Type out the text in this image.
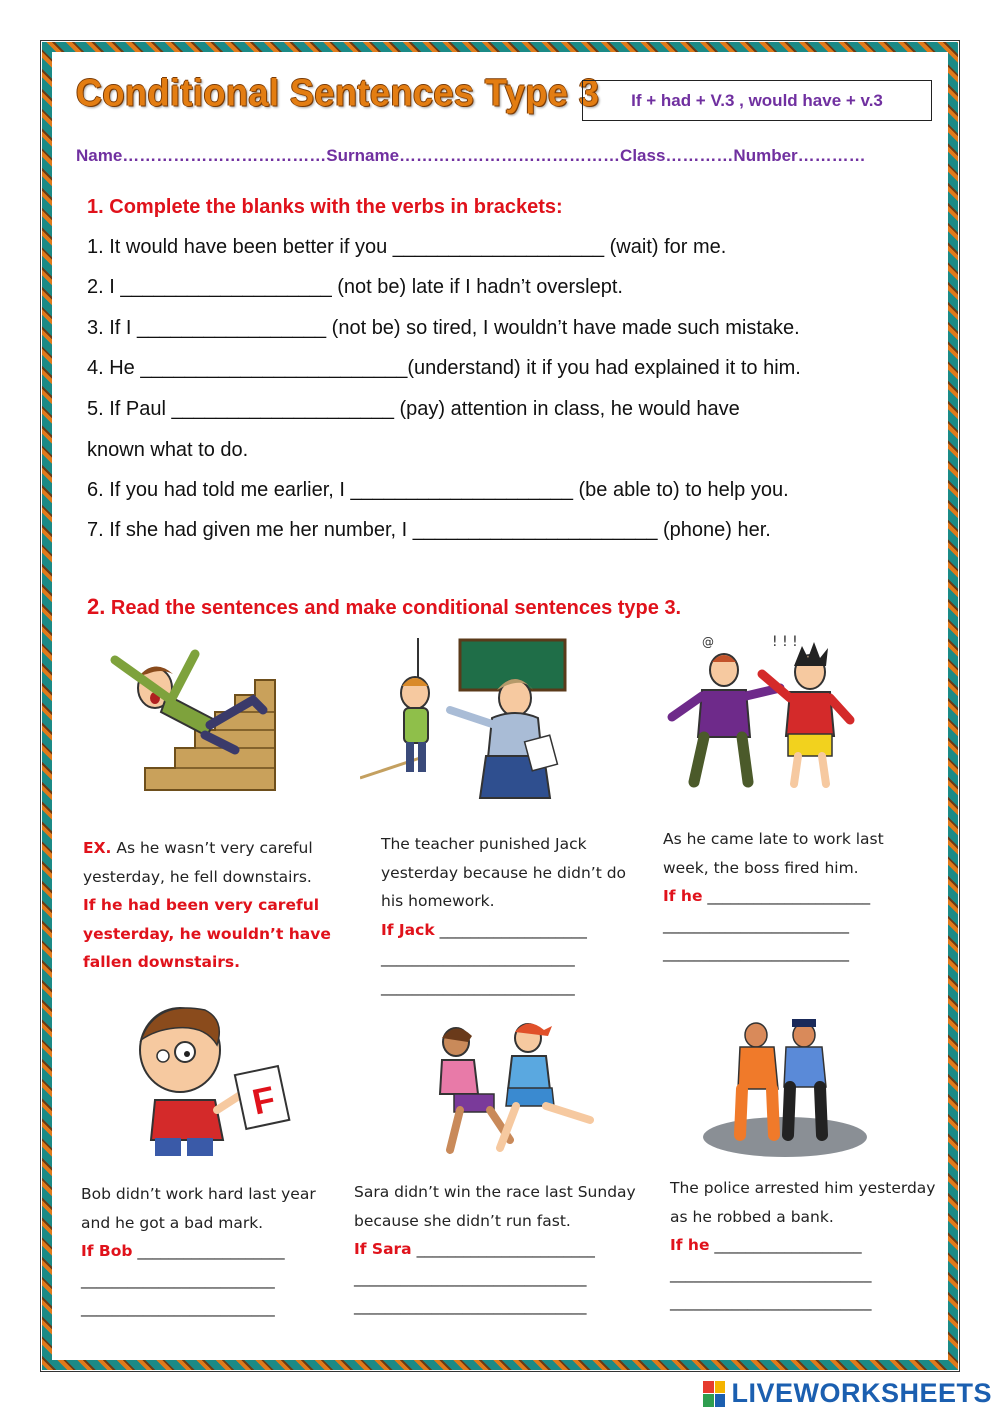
Conditional Sentences Type 3	If + had + V.3 , would have + v.3
Name………………………………Surname…………………………………Class…………Number…………
1. Complete the blanks with the verbs in brackets:
1. It would have been better if you ___________________ (wait) for me.
2. I ___________________ (not be) late if I hadn’t overslept.
3. If I _________________ (not be) so tired, I wouldn’t have made such mistake.
4. He ________________________(understand) it if you had explained it to him.
5. If Paul ____________________ (pay) attention in class, he would have
known what to do.
6. If you had told me earlier, I ____________________ (be able to) to help you.
7. If she had given me her number, I ______________________ (phone) her.
2. Read the sentences and make conditional sentences type 3.
@	! ! !
EX. As he wasn’t very careful yesterday, he fell downstairs.
If he had been very careful yesterday, he wouldn’t have fallen downstairs.
The teacher punished Jack yesterday because he didn’t do his homework.
If Jack ___________________
_________________________
_________________________
As he came late to work last week, the boss fired him.
If he _____________________
________________________
________________________
F
Bob didn’t work hard last year and he got a bad mark.
If Bob ___________________
_________________________
_________________________
Sara didn’t win the race last Sunday because she didn’t run fast.
If Sara _______________________
______________________________
______________________________
The police arrested him yesterday as he robbed a bank.
If he ___________________
__________________________
__________________________
LIVEWORKSHEETS
